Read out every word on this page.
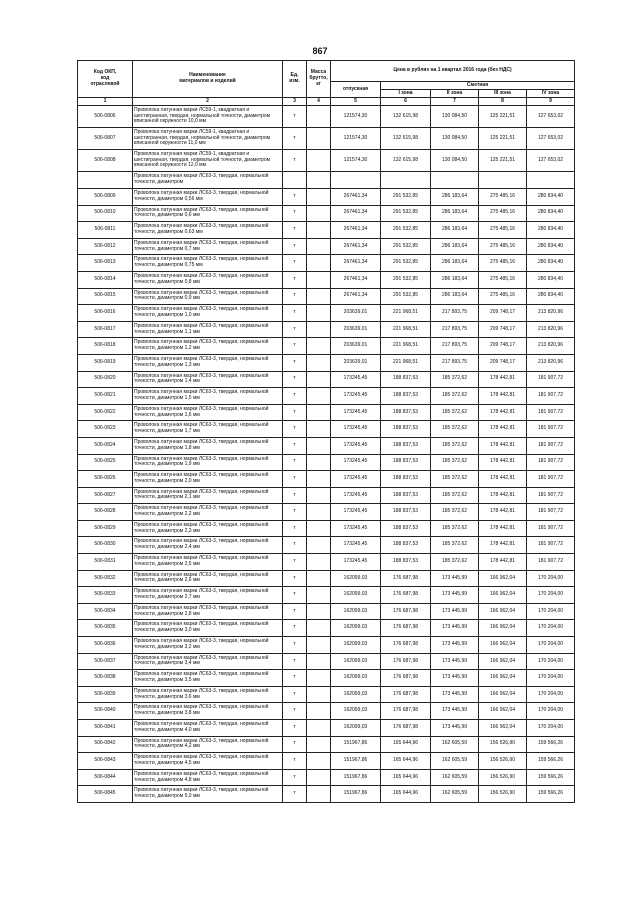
867
Код ОКП,
код
отраслевой	Наименование
материалов и изделий	Ед.
изм.	Масса
брутто,
кг	Цена в рублях на 1 квартал 2016 года (без НДС)				
				отпускная	Сметная			
					I зона	II зона	III зона	IV зона
1	2	3	4	5	6	7	8	9
506-0806	Проволока латунная марки ЛС59-1, квадратная и шестигранная, твердая, нормальной точности, диаметром вписанной окружности 10,0 мм	т		121574,30	132 615,98	130 084,50	125 221,51	127 653,02
506-0807	Проволока латунная марки ЛС59-1, квадратная и шестигранная, твердая, нормальной точности, диаметром вписанной окружности 11,0 мм	т		121574,30	132 615,98	130 084,50	125 221,51	127 653,02
506-0808	Проволока латунная марки ЛС59-1, квадратная и шестигранная, твердая, нормальной точности, диаметром вписанной окружности 12,0 мм	т		121574,30	132 615,98	130 084,50	125 221,51	127 653,02
	Проволока латунная марки ЛС63-3, твердая, нормальной точности, диаметром							
506-0809	Проволока латунная марки ЛС63-3, твердая, нормальной точности, диаметром 0,56 мм	т		267461,34	291 532,85	286 183,64	275 485,16	280 834,40
506-0810	Проволока латунная марки ЛС63-3, твердая, нормальной точности, диаметром 0,6 мм	т		267461,34	291 532,85	286 183,64	275 485,16	280 834,40
506-0811	Проволока латунная марки ЛС63-3, твердая, нормальной точности, диаметром 0,63 мм	т		267461,34	291 532,85	286 183,64	275 485,16	280 834,40
506-0812	Проволока латунная марки ЛС63-3, твердая, нормальной точности, диаметром 0,7 мм	т		267461,34	291 532,85	286 183,64	275 485,16	280 834,40
506-0813	Проволока латунная марки ЛС63-3, твердая, нормальной точности, диаметром 0,75 мм	т		267461,34	291 532,85	286 183,64	275 485,16	280 834,40
506-0814	Проволока латунная марки ЛС63-3, твердая, нормальной точности, диаметром 0,8 мм	т		267461,34	291 532,85	286 183,64	275 485,16	280 834,40
506-0815	Проволока латунная марки ЛС63-3, твердая, нормальной точности, диаметром 0,9 мм	т		267461,34	291 532,85	286 183,64	275 485,16	280 834,40
506-0816	Проволока латунная марки ЛС63-3, твердая, нормальной точности, диаметром 1,0 мм	т		203639,01	221 968,51	217 893,75	209 748,17	213 820,96
506-0817	Проволока латунная марки ЛС63-3, твердая, нормальной точности, диаметром 1,1 мм	т		203639,01	221 968,51	217 893,75	209 748,17	213 820,96
506-0818	Проволока латунная марки ЛС63-3, твердая, нормальной точности, диаметром 1,2 мм	т		203639,01	221 968,51	217 893,75	209 748,17	213 820,96
506-0819	Проволока латунная марки ЛС63-3, твердая, нормальной точности, диаметром 1,3 мм	т		203639,01	221 968,51	217 893,75	209 748,17	213 820,96
506-0820	Проволока латунная марки ЛС63-3, твердая, нормальной точности, диаметром 1,4 мм	т		173245,45	188 837,53	185 372,62	178 442,81	181 907,72
506-0821	Проволока латунная марки ЛС63-3, твердая, нормальной точности, диаметром 1,5 мм	т		173245,45	188 837,53	185 372,62	178 442,81	181 907,72
506-0822	Проволока латунная марки ЛС63-3, твердая, нормальной точности, диаметром 1,6 мм	т		173245,45	188 837,53	185 372,62	178 442,81	181 907,72
506-0823	Проволока латунная марки ЛС63-3, твердая, нормальной точности, диаметром 1,7 мм	т		173245,45	188 837,53	185 372,62	178 442,81	181 907,72
506-0824	Проволока латунная марки ЛС63-3, твердая, нормальной точности, диаметром 1,8 мм	т		173245,45	188 837,53	185 372,62	178 442,81	181 907,72
506-0825	Проволока латунная марки ЛС63-3, твердая, нормальной точности, диаметром 1,9 мм	т		173245,45	188 837,53	185 372,62	178 442,81	181 907,72
506-0826	Проволока латунная марки ЛС63-3, твердая, нормальной точности, диаметром 2,0 мм	т		173245,45	188 837,53	185 372,62	178 442,81	181 907,72
506-0827	Проволока латунная марки ЛС63-3, твердая, нормальной точности, диаметром 2,1 мм	т		173245,45	188 837,53	185 372,62	178 442,81	181 907,72
506-0828	Проволока латунная марки ЛС63-3, твердая, нормальной точности, диаметром 2,2 мм	т		173245,45	188 837,53	185 372,62	178 442,81	181 907,72
506-0829	Проволока латунная марки ЛС63-3, твердая, нормальной точности, диаметром 2,3 мм	т		173245,45	188 837,53	185 372,62	178 442,81	181 907,72
506-0830	Проволока латунная марки ЛС63-3, твердая, нормальной точности, диаметром 2,4 мм	т		173245,45	188 837,53	185 372,62	178 442,81	181 907,72
506-0831	Проволока латунная марки ЛС63-3, твердая, нормальной точности, диаметром 2,5 мм	т		173245,45	188 837,53	185 372,62	178 442,81	181 907,72
506-0832	Проволока латунная марки ЛС63-3, твердая, нормальной точности, диаметром 2,6 мм	т		162099,03	176 687,98	173 445,99	166 962,04	170 204,00
506-0833	Проволока латунная марки ЛС63-3, твердая, нормальной точности, диаметром 2,7 мм	т		162099,03	176 687,98	173 445,99	166 962,04	170 204,00
506-0834	Проволока латунная марки ЛС63-3, твердая, нормальной точности, диаметром 2,8 мм	т		162099,03	176 687,98	173 445,99	166 962,04	170 204,00
506-0835	Проволока латунная марки ЛС63-3, твердая, нормальной точности, диаметром 3,0 мм	т		162099,03	176 687,98	173 445,99	166 962,04	170 204,00
506-0836	Проволока латунная марки ЛС63-3, твердая, нормальной точности, диаметром 3,2 мм	т		162099,03	176 687,98	173 445,99	166 962,04	170 204,00
506-0837	Проволока латунная марки ЛС63-3, твердая, нормальной точности, диаметром 3,4 мм	т		162099,03	176 687,98	173 445,99	166 962,04	170 204,00
506-0838	Проволока латунная марки ЛС63-3, твердая, нормальной точности, диаметром 3,5 мм	т		162099,03	176 687,98	173 445,99	166 962,04	170 204,00
506-0839	Проволока латунная марки ЛС63-3, твердая, нормальной точности, диаметром 3,6 мм	т		162099,03	176 687,98	173 445,99	166 962,04	170 204,00
506-0840	Проволока латунная марки ЛС63-3, твердая, нормальной точности, диаметром 3,8 мм	т		162099,03	176 687,98	173 445,99	166 962,04	170 204,00
506-0841	Проволока латунная марки ЛС63-3, твердая, нормальной точности, диаметром 4,0 мм	т		162099,03	176 687,98	173 445,99	166 962,04	170 204,00
506-0842	Проволока латунная марки ЛС63-3, твердая, нормальной точности, диаметром 4,2 мм	т		151967,86	165 644,96	162 605,59	156 526,90	159 566,26
506-0843	Проволока латунная марки ЛС63-3, твердая, нормальной точности, диаметром 4,5 мм	т		151967,86	165 644,96	162 605,59	156 526,90	159 566,26
506-0844	Проволока латунная марки ЛС63-3, твердая, нормальной точности, диаметром 4,8 мм	т		151967,86	165 644,96	162 605,59	156 526,90	159 566,26
506-0845	Проволока латунная марки ЛС63-3, твердая, нормальной точности, диаметром 5,0 мм	т		151967,86	165 644,96	162 605,59	156 526,90	159 566,26
